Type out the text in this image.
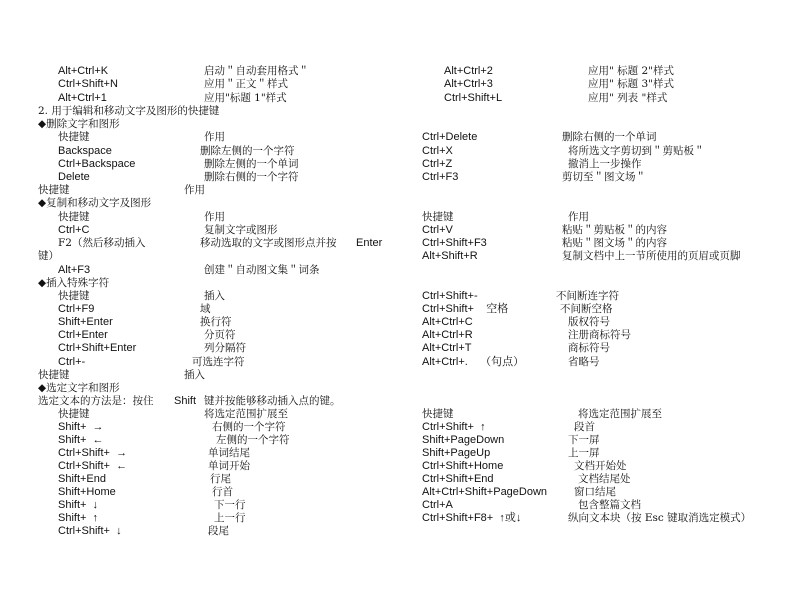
Alt+Ctrl+K	启动＂自动套用格式＂
Ctrl+Shift+N	应用＂正文＂样式
Alt+Ctrl+1	应用"标题 1"样式
2. 用于编辑和移动文字及图形的快捷键
◆删除文字和图形
快捷键	作用
Backspace	删除左侧的一个字符
Ctrl+Backspace	删除左侧的一个单词
Delete	删除右侧的一个字符
快捷键	作用
◆复制和移动文字及图形
快捷键	作用
Ctrl+C	复制文字或图形
F2（然后移动插入	移动选取的文字或图形点并按 Enter
键）
Alt+F3	创建＂自动图文集＂词条
◆插入特殊字符
快捷键	插入
Ctrl+F9	域
Shift+Enter	换行符
Ctrl+Enter	分页符
Ctrl+Shift+Enter	列分隔符
Ctrl+-	可选连字符
快捷键	插入
◆选定文字和图形
选定文本的方法是：按住 Shift 键并按能够移动插入点的键。
快捷键	将选定范围扩展至
Shift+  →	右侧的一个字符
Shift+  ←	左侧的一个字符
Ctrl+Shift+  →	单词结尾
Ctrl+Shift+  ←	单词开始
Shift+End	行尾
Shift+Home	行首
Shift+  ↓	下一行
Shift+  ↑	上一行
Ctrl+Shift+  ↓	段尾
Alt+Ctrl+2	应用" 标题 2"样式
Alt+Ctrl+3	应用" 标题 3"样式
Ctrl+Shift+L	应用" 列表 "样式
Ctrl+Delete	删除右侧的一个单词
Ctrl+X	将所选文字剪切到＂剪贴板＂
Ctrl+Z	撤消上一步操作
Ctrl+F3	剪切至＂图文场＂
快捷键	作用
Ctrl+V	粘贴＂剪贴板＂的内容
Ctrl+Shift+F3	粘贴＂图文场＂的内容
Alt+Shift+R	复制文档中上一节所使用的页眉或页脚
Ctrl+Shift+-	不间断连字符
Ctrl+Shift+    空格	不间断空格
Alt+Ctrl+C	版权符号
Alt+Ctrl+R	注册商标符号
Alt+Ctrl+T	商标符号
Alt+Ctrl+.    （句点）	省略号
快捷键	将选定范围扩展至
Ctrl+Shift+  ↑	段首
Shift+PageDown	下一屏
Shift+PageUp	上一屏
Ctrl+Shift+Home	文档开始处
Ctrl+Shift+End	文档结尾处
Alt+Ctrl+Shift+PageDown	窗口结尾
Ctrl+A	包含整篇文档
Ctrl+Shift+F8+  ↑或↓	纵向文本块（按 Esc 键取消选定模式）
